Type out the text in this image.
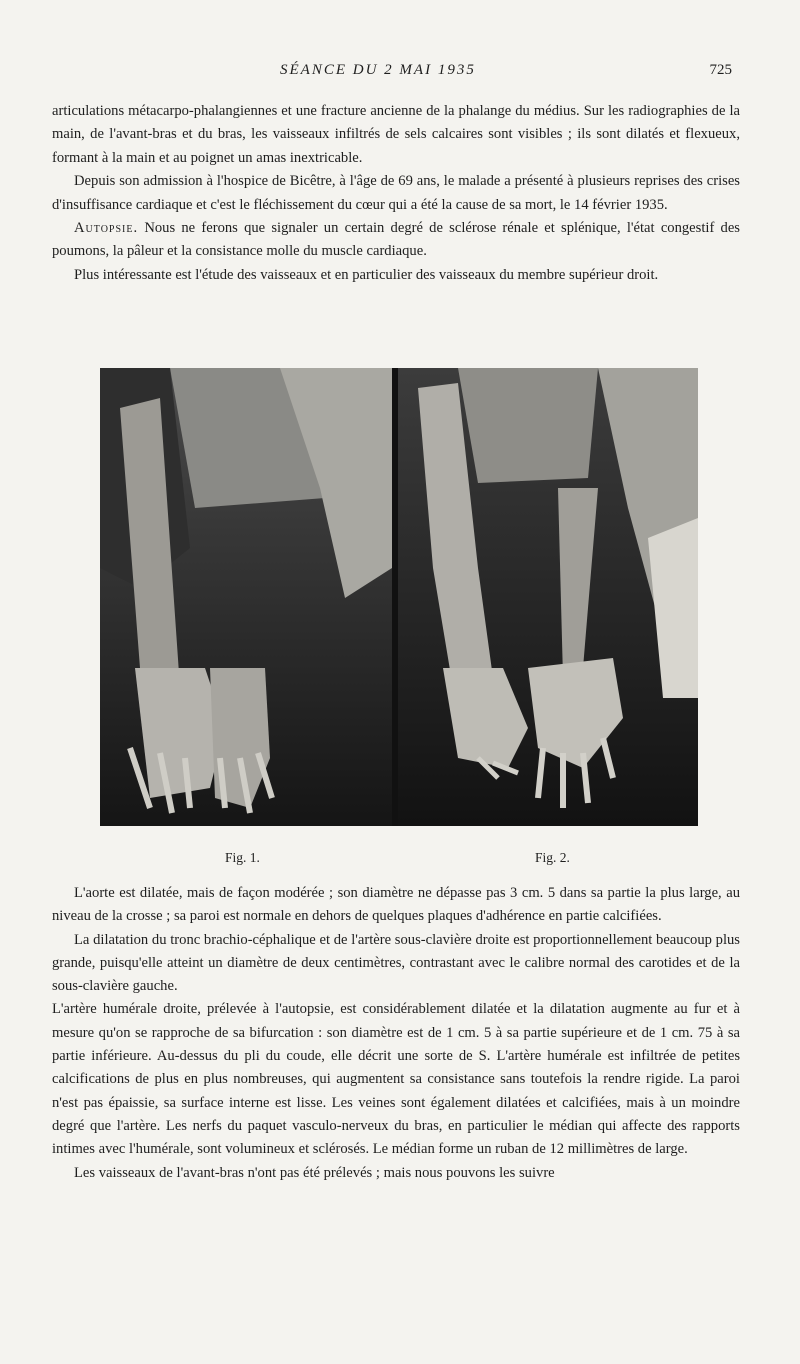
SÉANCE DU 2 MAI 1935	725

articulations métacarpo-phalangiennes et une fracture ancienne de la phalange du médius. Sur les radiographies de la main, de l'avant-bras et du bras, les vaisseaux infiltrés de sels calcaires sont visibles ; ils sont dilatés et flexueux, formant à la main et au poignet un amas inextricable.

Depuis son admission à l'hospice de Bicêtre, à l'âge de 69 ans, le malade a présenté à plusieurs reprises des crises d'insuffisance cardiaque et c'est le fléchissement du cœur qui a été la cause de sa mort, le 14 février 1935.

Autopsie. Nous ne ferons que signaler un certain degré de sclérose rénale et splénique, l'état congestif des poumons, la pâleur et la consistance molle du muscle cardiaque.

Plus intéressante est l'étude des vaisseaux et en particulier des vaisseaux du membre supérieur droit.

Fig. 1.	Fig. 2.

L'aorte est dilatée, mais de façon modérée ; son diamètre ne dépasse pas 3 cm. 5 dans sa partie la plus large, au niveau de la crosse ; sa paroi est normale en dehors de quelques plaques d'adhérence en partie calcifiées.

La dilatation du tronc brachio-céphalique et de l'artère sous-clavière droite est proportionnellement beaucoup plus grande, puisqu'elle atteint un diamètre de deux centimètres, contrastant avec le calibre normal des carotides et de la sous-clavière gauche.

L'artère humérale droite, prélevée à l'autopsie, est considérablement dilatée et la dilatation augmente au fur et à mesure qu'on se rapproche de sa bifurcation : son diamètre est de 1 cm. 5 à sa partie supérieure et de 1 cm. 75 à sa partie inférieure. Au-dessus du pli du coude, elle décrit une sorte de S. L'artère humérale est infiltrée de petites calcifications de plus en plus nombreuses, qui augmentent sa consistance sans toutefois la rendre rigide. La paroi n'est pas épaissie, sa surface interne est lisse. Les veines sont également dilatées et calcifiées, mais à un moindre degré que l'artère. Les nerfs du paquet vasculo-nerveux du bras, en particulier le médian qui affecte des rapports intimes avec l'humérale, sont volumineux et sclérosés. Le médian forme un ruban de 12 millimètres de large.

Les vaisseaux de l'avant-bras n'ont pas été prélevés ; mais nous pouvons les suivre
